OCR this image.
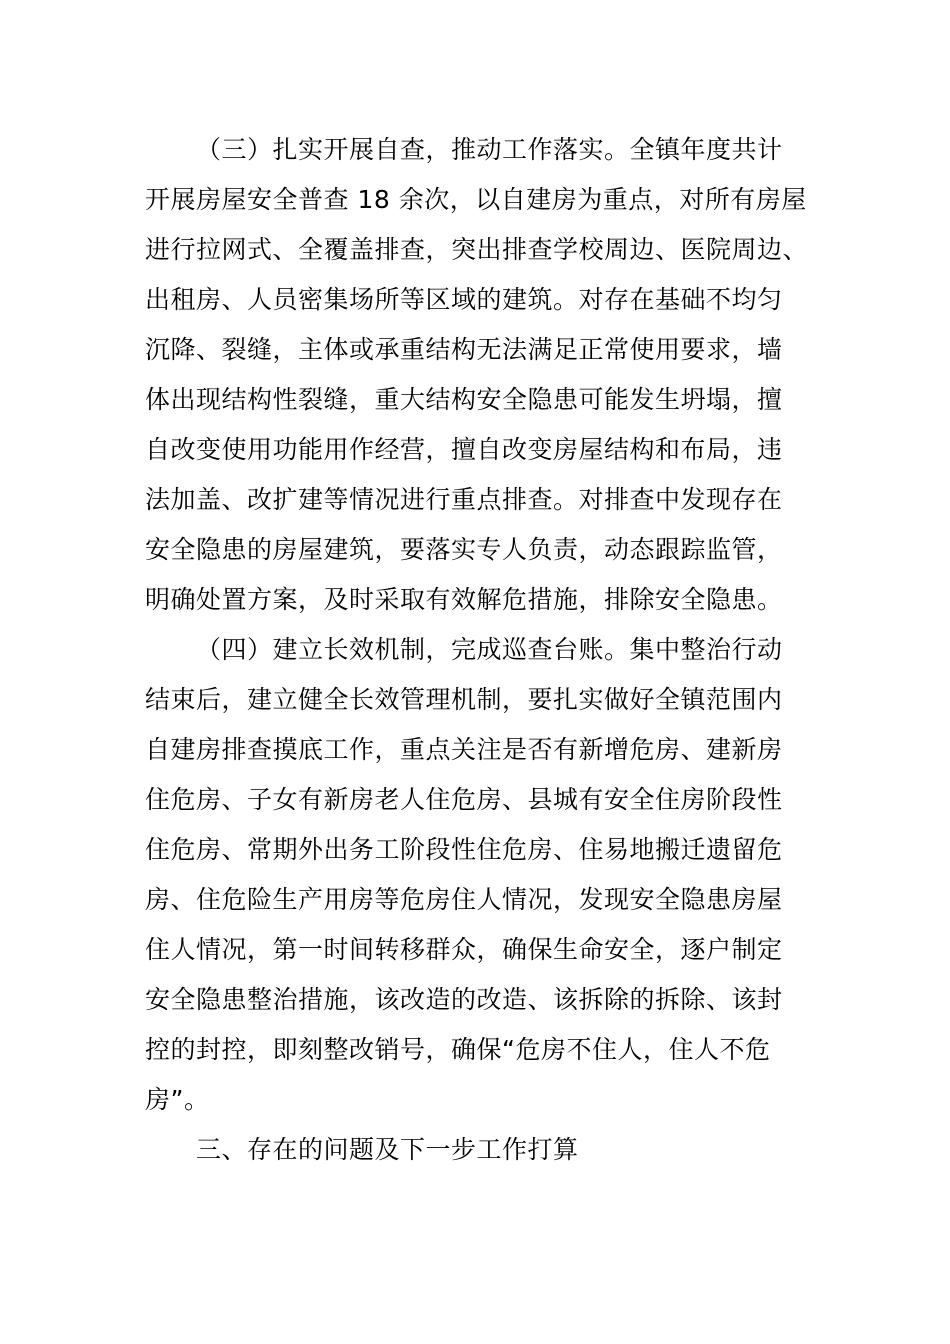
（三）扎实开展自查，推动工作落实。全镇年度共计
开展房屋安全普查 18 余次，以自建房为重点，对所有房屋
进行拉网式、全覆盖排查，突出排查学校周边、医院周边、
出租房、人员密集场所等区域的建筑。对存在基础不均匀
沉降、裂缝，主体或承重结构无法满足正常使用要求，墙
体出现结构性裂缝，重大结构安全隐患可能发生坍塌，擅
自改变使用功能用作经营，擅自改变房屋结构和布局，违
法加盖、改扩建等情况进行重点排查。对排查中发现存在
安全隐患的房屋建筑，要落实专人负责，动态跟踪监管，
明确处置方案，及时采取有效解危措施，排除安全隐患。
（四）建立长效机制，完成巡查台账。集中整治行动
结束后，建立健全长效管理机制，要扎实做好全镇范围内
自建房排查摸底工作，重点关注是否有新增危房、建新房
住危房、子女有新房老人住危房、县城有安全住房阶段性
住危房、常期外出务工阶段性住危房、住易地搬迁遗留危
房、住危险生产用房等危房住人情况，发现安全隐患房屋
住人情况，第一时间转移群众，确保生命安全，逐户制定
安全隐患整治措施，该改造的改造、该拆除的拆除、该封
控的封控，即刻整改销号，确保“危房不住人，住人不危
房”。
三、存在的问题及下一步工作打算
